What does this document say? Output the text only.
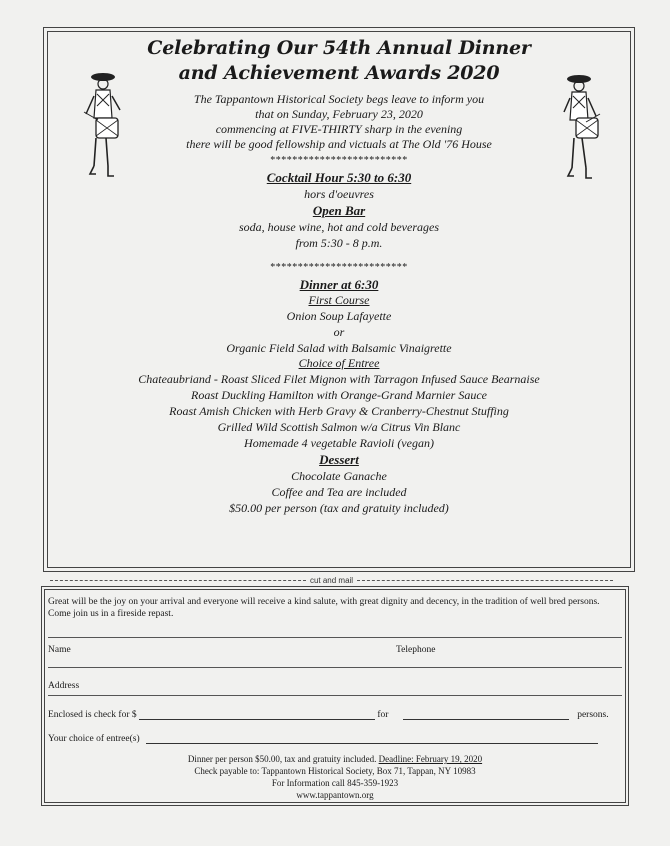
Celebrating Our 54th Annual Dinner
and Achievement Awards 2020
The Tappantown Historical Society begs leave to inform you
that on Sunday, February 23, 2020
commencing at FIVE-THIRTY sharp in the evening
there will be good fellowship and victuals at The Old '76 House
*************************
Cocktail Hour 5:30 to 6:30
hors d'oeuvres
Open Bar
soda, house wine, hot and cold beverages
from 5:30 - 8 p.m.
*************************
Dinner at 6:30
First Course
Onion Soup Lafayette
or
Organic Field Salad with Balsamic Vinaigrette
Choice of Entree
Chateaubriand - Roast Sliced Filet Mignon with Tarragon Infused Sauce Bearnaise
Roast Duckling Hamilton with Orange-Grand Marnier Sauce
Roast Amish Chicken with Herb Gravy & Cranberry-Chestnut Stuffing
Grilled Wild Scottish Salmon w/a Citrus Vin Blanc
Homemade 4 vegetable Ravioli (vegan)
Dessert
Chocolate Ganache
Coffee and Tea are included
$50.00 per person (tax and gratuity included)
cut and mail
Great will be the joy on your arrival and everyone will receive a kind salute, with great dignity and decency, in the tradition of well bred persons. Come join us in a fireside repast.
Name	Telephone
Address
Enclosed is check for $	for	persons.
Your choice of entree(s)
Dinner per person $50.00, tax and gratuity included. Deadline: February 19, 2020
Check payable to: Tappantown Historical Society, Box 71, Tappan, NY 10983
For Information call 845-359-1923
www.tappantown.org
